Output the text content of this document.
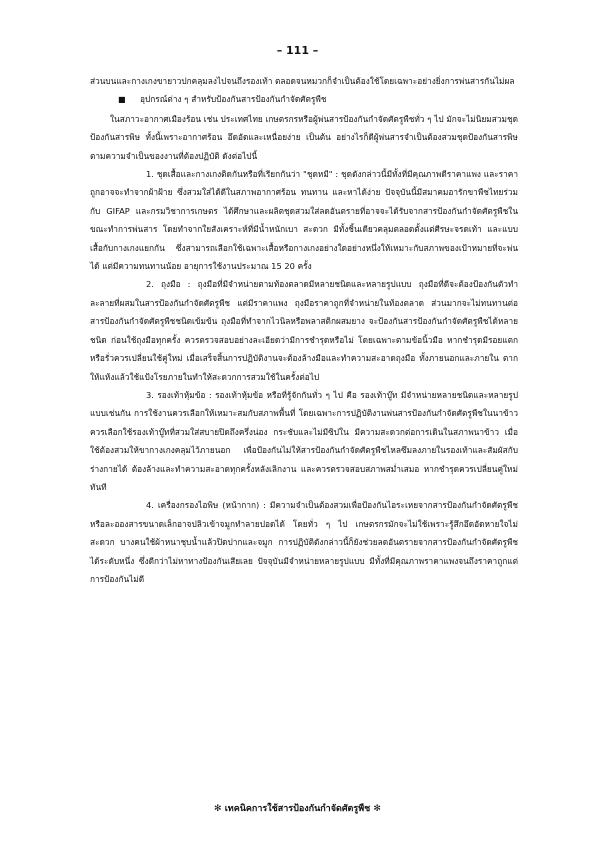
– 111 –

ส่วนบนและกางเกงขายาวปกคลุมลงไปจนถึงรองเท้า ตลอดจนหมวกก็จำเป็นต้องใช้โดยเฉพาะอย่างยิ่งการพ่นสารกันไม่ผล

■ อุปกรณ์ต่าง ๆ สำหรับป้องกันสารป้องกันกำจัดศัตรูพืช

ในสภาวะอากาศเมืองร้อน เช่น ประเทศไทย เกษตรกรหรือผู้พ่นสารป้องกันกำจัดศัตรูพืชทั่ว ๆ ไป มักจะไม่นิยมสวมชุดป้องกันสารพิษ ทั้งนี้เพราะอากาศร้อน อึดอัดและเหนื่อยง่าย เป็นต้น อย่างไรก็ดีผู้พ่นสารจำเป็นต้องสวมชุดป้องกันสารพิษตามความจำเป็นของงานที่ต้องปฏิบัติ ดังต่อไปนี้

1. ชุดเสื้อและกางเกงติดกันหรือที่เรียกกันว่า "ชุดหมี" : ชุดดังกล่าวนี้มีทั้งที่มีคุณภาพดีราคาแพง และราคาถูกอาจจะทำจากผ้าฝ้าย ซึ่งสวมใส่ได้ดีในสภาพอากาศร้อน ทนทาน และหาได้ง่าย ปัจจุบันนี้มีสมาคมอารักขาพืชไทยร่วมกับ GIFAP และกรมวิชาการเกษตร ได้ศึกษาและผลิตชุดสวมใส่ลดอันตรายที่อาจจะได้รับจากสารป้องกันกำจัดศัตรูพืชในขณะทำการพ่นสาร โดยทำจากใยสังเคราะห์ที่มีน้ำหนักเบา สะดวก มีทั้งชิ้นเดียวคลุมตลอดตั้งแต่ศีรษะจรดเท้า และแบบเสื้อกับกางเกงแยกกัน ซึ่งสามารถเลือกใช้เฉพาะเสื้อหรือกางเกงอย่างใดอย่างหนึ่งให้เหมาะกับสภาพของเป้าหมายที่จะพ่นได้ แต่มีความทนทานน้อย อายุการใช้งานประมาณ 15 20 ครั้ง

2. ถุงมือ : ถุงมือที่มีจำหน่ายตามท้องตลาดมีหลายชนิดและหลายรูปแบบ ถุงมือที่ดีจะต้องป้องกันตัวทำละลายที่ผสมในสารป้องกันกำจัดศัตรูพืช แต่มีราคาแพง ถุงมือราคาถูกที่จำหน่ายในท้องตลาด ส่วนมากจะไม่ทนทานต่อสารป้องกันกำจัดศัตรูพืชชนิดเข้มข้น ถุงมือที่ทำจากไวนิลหรือพลาสติกผสมยาง จะป้องกันสารป้องกันกำจัดศัตรูพืชได้หลายชนิด ก่อนใช้ถุงมือทุกครั้ง ควรตรวจสอบอย่างละเอียดว่ามีการชำรุดหรือไม่ โดยเฉพาะตามข้อนิ้วมือ หากชำรุดมีรอยแตกหรือรั่วควรเปลี่ยนใช้คู่ใหม่ เมื่อเสร็จสิ้นการปฏิบัติงานจะต้องล้างมือและทำความสะอาดถุงมือ ทั้งภายนอกและภายใน ตากให้แห้งแล้วใช้แป้งโรยภายในทำให้สะดวกการสวมใช้ในครั้งต่อไป

3. รองเท้าหุ้มข้อ : รองเท้าหุ้มข้อ หรือที่รู้จักกันทั่ว ๆ ไป คือ รองเท้าบู๊ท มีจำหน่ายหลายชนิดและหลายรูปแบบเช่นกัน การใช้งานควรเลือกให้เหมาะสมกับสภาพพื้นที่ โดยเฉพาะการปฏิบัติงานพ่นสารป้องกันกำจัดศัตรูพืชในนาข้าว ควรเลือกใช้รองเท้าบู๊ทที่สวมใส่สบายปิดถึงครึ่งน่อง กระชับและไม่มีซิปใน มีความสะดวกต่อการเดินในสภาพนาข้าว เมื่อใช้ต้องสวมให้ขากางเกงคลุมไว้ภายนอก เพื่อป้องกันไม่ให้สารป้องกันกำจัดศัตรูพืชไหลซึมลงภายในรองเท้าและสัมผัสกับร่างกายได้ ต้องล้างและทำความสะอาดทุกครั้งหลังเลิกงาน และควรตรวจสอบสภาพสม่ำเสมอ หากชำรุดควรเปลี่ยนคู่ใหม่ทันที

4. เครื่องกรองไอพิษ (หน้ากาก) : มีความจำเป็นต้องสวมเพื่อป้องกันไอระเหยจากสารป้องกันกำจัดศัตรูพืช หรือละอองสารขนาดเล็กอาจปลิวเข้าจมูกทำลายปอดได้ โดยทั่ว ๆ ไป เกษตรกรมักจะไม่ใช้เพราะรู้สึกอึดอัดหายใจไม่สะดวก บางคนใช้ผ้าหนาชุบน้ำแล้วปิดปากและจมูก การปฏิบัติดังกล่าวนี้ก็ยังช่วยลดอันตรายจากสารป้องกันกำจัดศัตรูพืชได้ระดับหนึ่ง ซึ่งดีกว่าไม่หาทางป้องกันเสียเลย ปัจจุบันมีจำหน่ายหลายรูปแบบ มีทั้งที่มีคุณภาพราคาแพงจนถึงราคาถูกแต่การป้องกันไม่ดี

✻ เทคนิคการใช้สารป้องกันกำจัดศัตรูพืช ✻
